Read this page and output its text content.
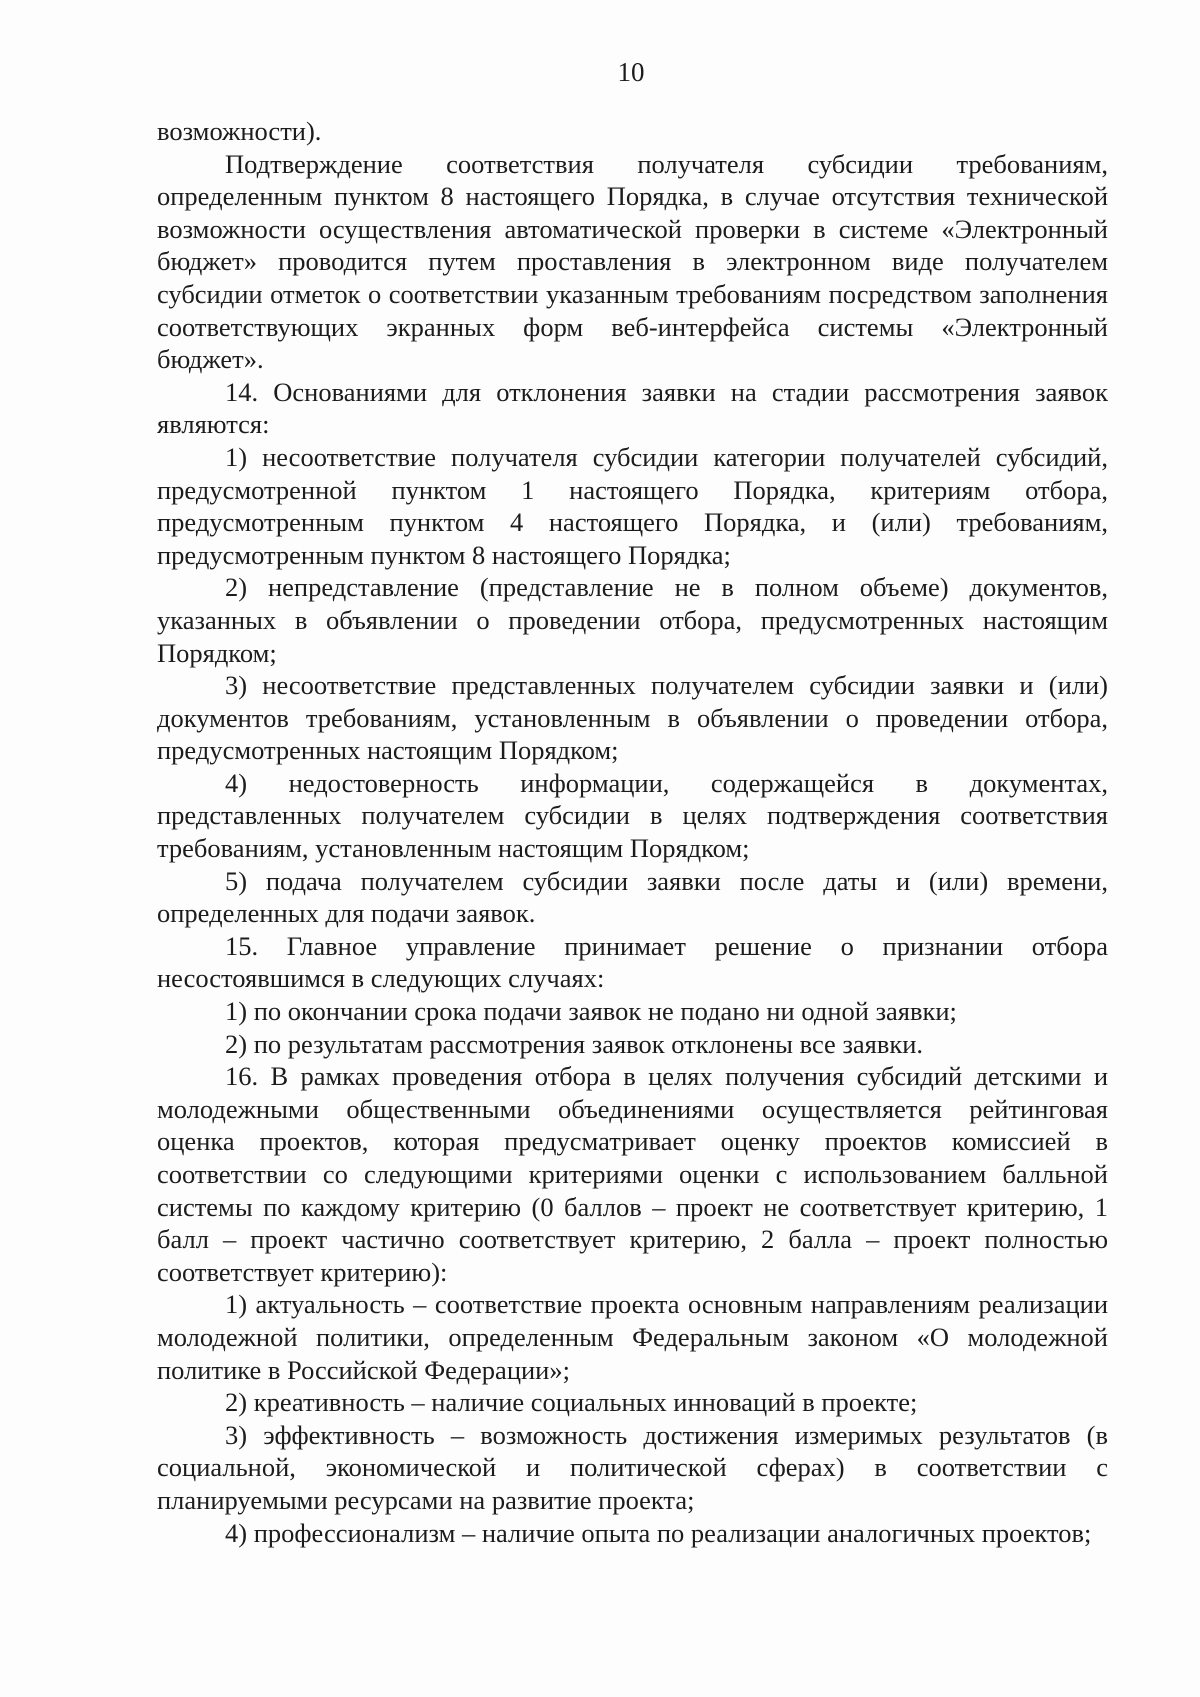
10

возможности).

Подтверждение соответствия получателя субсидии требованиям, определенным пунктом 8 настоящего Порядка, в случае отсутствия технической возможности осуществления автоматической проверки в системе «Электронный бюджет» проводится путем проставления в электронном виде получателем субсидии отметок о соответствии указанным требованиям посредством заполнения соответствующих экранных форм веб-интерфейса системы «Электронный бюджет».

14. Основаниями для отклонения заявки на стадии рассмотрения заявок являются:

1) несоответствие получателя субсидии категории получателей субсидий, предусмотренной пунктом 1 настоящего Порядка, критериям отбора, предусмотренным пунктом 4 настоящего Порядка, и (или) требованиям, предусмотренным пунктом 8 настоящего Порядка;

2) непредставление (представление не в полном объеме) документов, указанных в объявлении о проведении отбора, предусмотренных настоящим Порядком;

3) несоответствие представленных получателем субсидии заявки и (или) документов требованиям, установленным в объявлении о проведении отбора, предусмотренных настоящим Порядком;

4) недостоверность информации, содержащейся в документах, представленных получателем субсидии в целях подтверждения соответствия требованиям, установленным настоящим Порядком;

5) подача получателем субсидии заявки после даты и (или) времени, определенных для подачи заявок.

15. Главное управление принимает решение о признании отбора несостоявшимся в следующих случаях:

1) по окончании срока подачи заявок не подано ни одной заявки;

2) по результатам рассмотрения заявок отклонены все заявки.

16. В рамках проведения отбора в целях получения субсидий детскими и молодежными общественными объединениями осуществляется рейтинговая оценка проектов, которая предусматривает оценку проектов комиссией в соответствии со следующими критериями оценки с использованием балльной системы по каждому критерию (0 баллов – проект не соответствует критерию, 1 балл – проект частично соответствует критерию, 2 балла – проект полностью соответствует критерию):

1) актуальность – соответствие проекта основным направлениям реализации молодежной политики, определенным Федеральным законом «О молодежной политике в Российской Федерации»;

2) креативность – наличие социальных инноваций в проекте;

3) эффективность – возможность достижения измеримых результатов (в социальной, экономической и политической сферах) в соответствии с планируемыми ресурсами на развитие проекта;

4) профессионализм – наличие опыта по реализации аналогичных проектов;
